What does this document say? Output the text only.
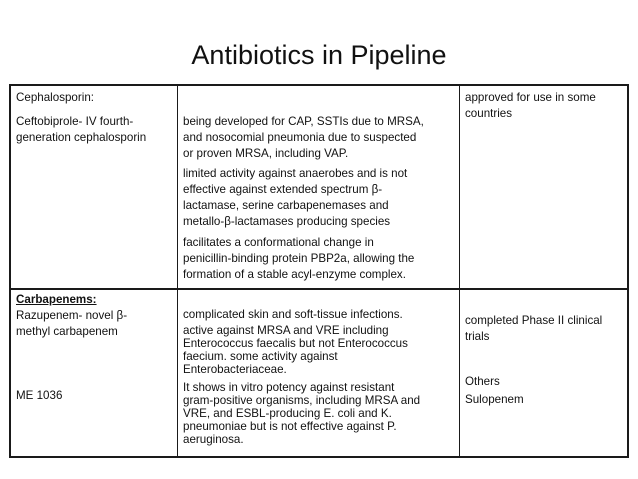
Antibiotics in Pipeline
Cephalosporin:
Ceftobiprole- IV fourth-
generation cephalosporin
being developed for CAP, SSTIs due to MRSA,
and nosocomial pneumonia due to suspected
or proven MRSA, including VAP.
limited activity against anaerobes and is not
effective against extended spectrum β-
lactamase, serine carbapenemases and
metallo-β-lactamases producing species
facilitates a conformational change in
penicillin-binding protein PBP2a, allowing the
formation of a stable acyl-enzyme complex.
approved for use in some
countries
Carbapenems:
Razupenem- novel β-
methyl carbapenem
ME 1036
complicated skin and soft-tissue infections.
active against MRSA and VRE including
Enterococcus faecalis but not Enterococcus
faecium. some activity against
Enterobacteriaceae.
It shows in vitro potency against resistant
gram-positive organisms, including MRSA and
VRE, and ESBL-producing E. coli and K.
pneumoniae but is not effective against P.
aeruginosa.
completed Phase II clinical
trials
Others
Sulopenem
